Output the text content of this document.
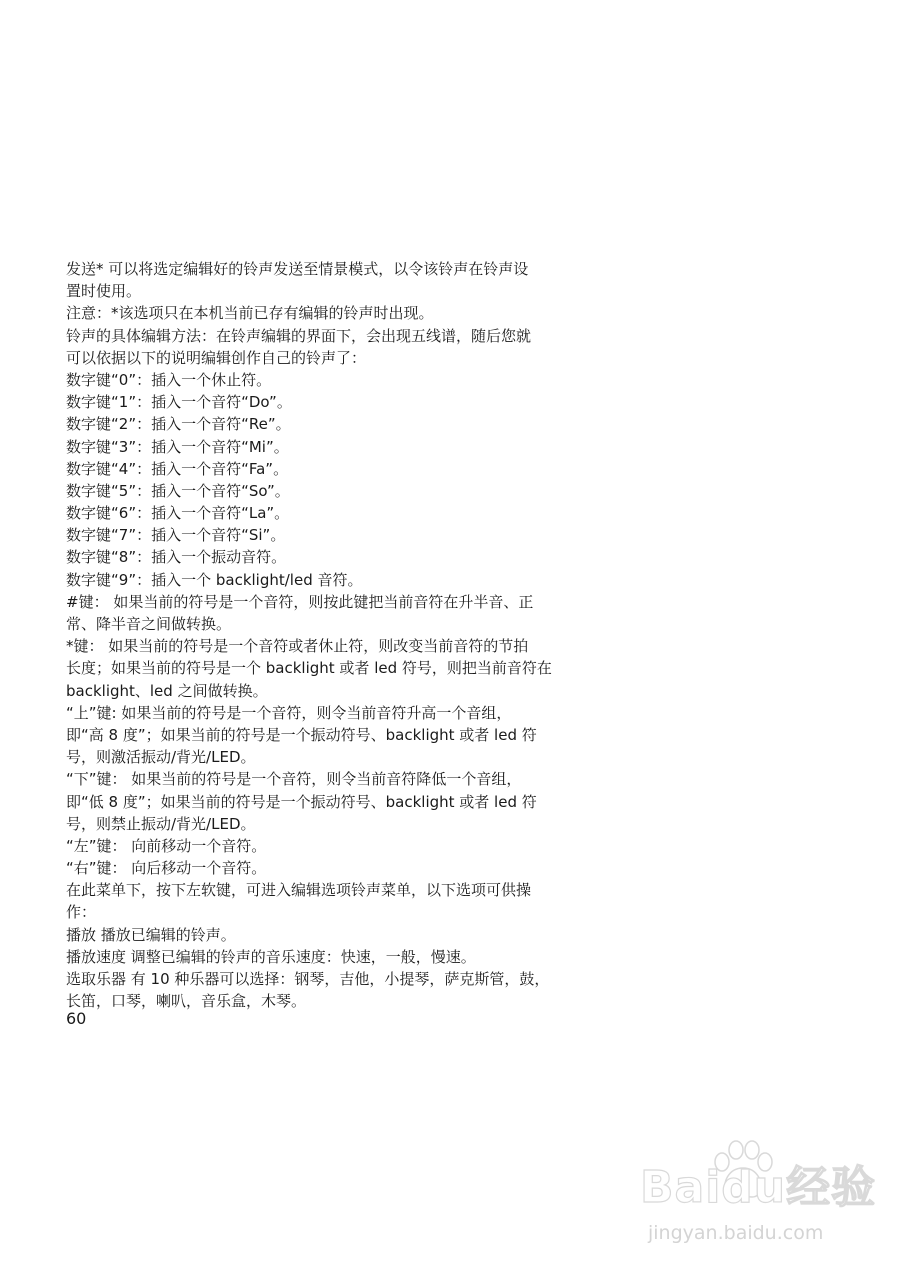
发送* 可以将选定编辑好的铃声发送至情景模式，以令该铃声在铃声设
置时使用。
注意：*该选项只在本机当前已存有编辑的铃声时出现。
铃声的具体编辑方法：在铃声编辑的界面下，会出现五线谱，随后您就
可以依据以下的说明编辑创作自己的铃声了：
数字键“0”：插入一个休止符。
数字键“1”：插入一个音符“Do”。
数字键“2”：插入一个音符“Re”。
数字键“3”：插入一个音符“Mi”。
数字键“4”：插入一个音符“Fa”。
数字键“5”：插入一个音符“So”。
数字键“6”：插入一个音符“La”。
数字键“7”：插入一个音符“Si”。
数字键“8”：插入一个振动音符。
数字键“9”：插入一个 backlight/led 音符。
#键： 如果当前的符号是一个音符，则按此键把当前音符在升半音、正
常、降半音之间做转换。
*键： 如果当前的符号是一个音符或者休止符，则改变当前音符的节拍
长度；如果当前的符号是一个 backlight 或者 led 符号，则把当前音符在
backlight、led 之间做转换。
“上”键: 如果当前的符号是一个音符，则令当前音符升高一个音组，
即“高 8 度”；如果当前的符号是一个振动符号、backlight 或者 led 符
号，则激活振动/背光/LED。
“下”键： 如果当前的符号是一个音符，则令当前音符降低一个音组，
即“低 8 度”；如果当前的符号是一个振动符号、backlight 或者 led 符
号，则禁止振动/背光/LED。
“左”键： 向前移动一个音符。
“右”键： 向后移动一个音符。
在此菜单下，按下左软键，可进入编辑选项铃声菜单，以下选项可供操
作：
播放 播放已编辑的铃声。
播放速度 调整已编辑的铃声的音乐速度：快速，一般，慢速。
选取乐器 有 10 种乐器可以选择：钢琴，吉他，小提琴，萨克斯管，鼓，
长笛，口琴，喇叭，音乐盒，木琴。
60
Baidu经验
jingyan.baidu.com
